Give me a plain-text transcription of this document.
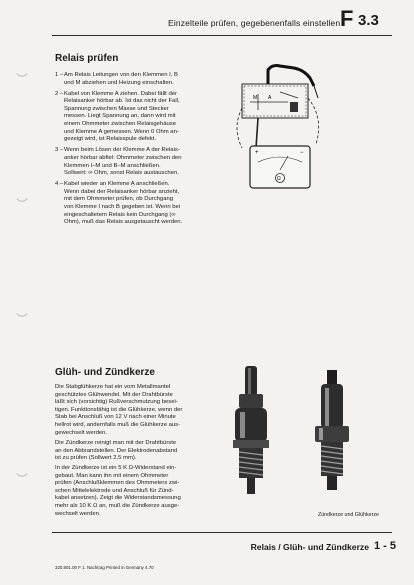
Einzelteile prüfen, gegebenenfalls einstellen F 3.3
Relais prüfen
1 – Am Relais Leitungen von den Klemmen I, B
und M abziehen und Heizung einschalten.
2 – Kabel von Klemme A ziehen. Dabei fällt der
Relaisanker hörbar ab. Ist das nicht der Fall,
Spannung zwischen Masse und Stecker
messen. Liegt Spannung an, dann wird mit
einem Ohmmeter zwischen Relaisgehäuse
und Klemme A gemessen. Wenn 0 Ohm an-
gezeigt wird, ist Relaisspule defekt.
3 – Wenn beim Lösen der Klemme A der Relais-
anker hörbar abfiel: Ohmmeter zwischen den
Klemmen I–M und B–M anschließen.
Sollwert: ∞ Ohm, sonst Relais austauschen.
4 – Kabel wieder an Klemme A anschließen.
Wenn dabei der Relaisanker hörbar anzieht,
mit dem Ohmmeter prüfen, ob Durchgang
von Klemme I nach B gegeben ist. Wenn bei
eingeschaltetem Relais kein Durchgang (∞
Ohm), muß das Relais ausgetauscht werden.
M A
Ω
+	−
Glüh- und Zündkerze
Die Stabglühkerze hat ein vom Metallmantel
geschütztes Glühwendel. Mit der Drahtbürste
läßt sich (vorsichtig) Rußverschmutzung besei-
tigen. Funktionsfähig ist die Glühkerze, wenn der
Stab bei Anschluß von 12 V nach einer Minute
hellrot wird, andernfalls muß die Glühkerze aus-
gewechselt werden.
Die Zündkerze reinigt man mit der Drahtbürste
an den Abbrandstellen. Der Elektrodenabstand
ist zu prüfen (Sollwert 2,5 mm).
In der Zündkerze ist ein 5 K Ω-Widerstand ein-
gebaut. Man kann ihn mit einem Ohmmeter
prüfen (Anschlußklemmen des Ohmmeters zwi-
schen Mittelelektrode und Anschluß für Zünd-
kabel ansetzen). Zeigt die Widerstandsmessung
mehr als 10 K Ω an, muß die Zündkerze ausge-
wechselt werden.	Zündkerze und Glühkerze
Relais / Glüh- und Zündkerze 1 - 5
320.801.00 F 1. Nachtrag Printed in Germany 4.70
